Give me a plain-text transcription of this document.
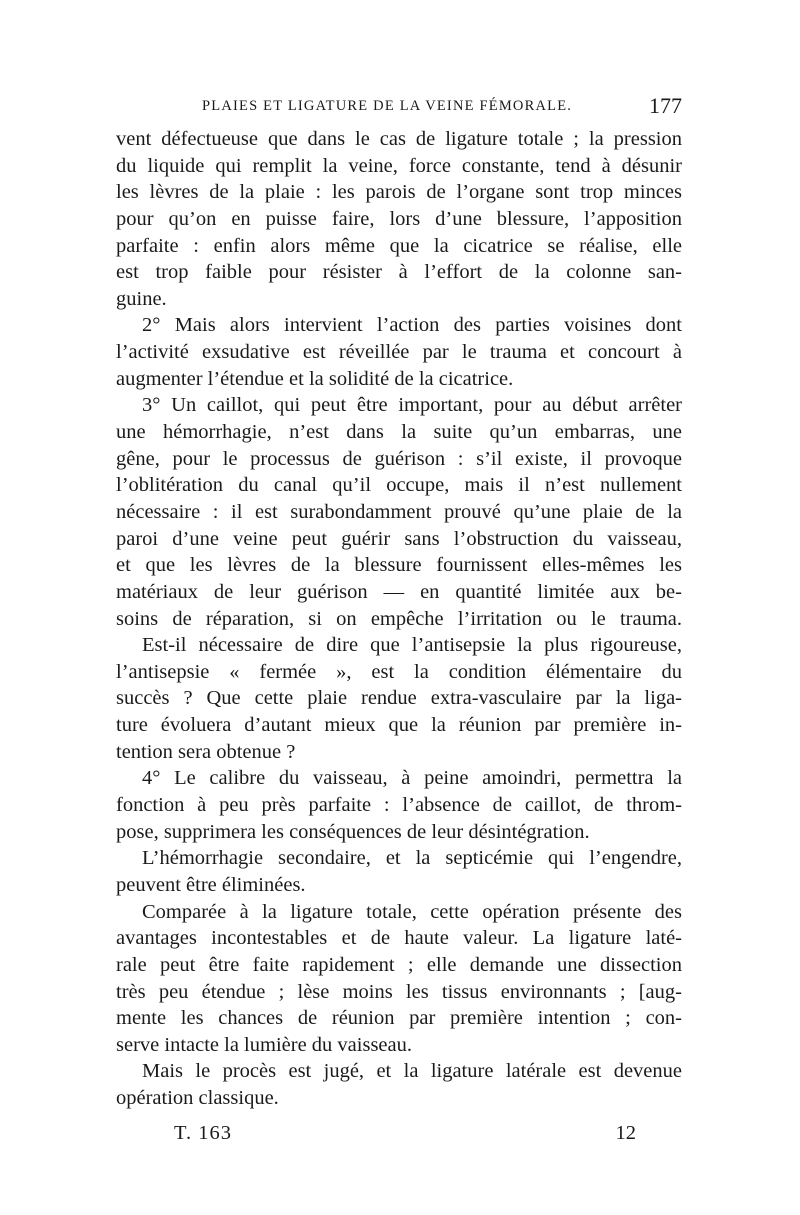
PLAIES ET LIGATURE DE LA VEINE FÉMORALE.	177
vent défectueuse que dans le cas de ligature totale ; la pression
du liquide qui remplit la veine, force constante, tend à désunir
les lèvres de la plaie : les parois de l’organe sont trop minces
pour qu’on en puisse faire, lors d’une blessure, l’apposition
parfaite : enfin alors même que la cicatrice se réalise, elle
est trop faible pour résister à l’effort de la colonne san-
guine.
2° Mais alors intervient l’action des parties voisines dont
l’activité exsudative est réveillée par le trauma et concourt à
augmenter l’étendue et la solidité de la cicatrice.
3° Un caillot, qui peut être important, pour au début arrêter
une hémorrhagie, n’est dans la suite qu’un embarras, une
gêne, pour le processus de guérison : s’il existe, il provoque
l’oblitération du canal qu’il occupe, mais il n’est nullement
nécessaire : il est surabondamment prouvé qu’une plaie de la
paroi d’une veine peut guérir sans l’obstruction du vaisseau,
et que les lèvres de la blessure fournissent elles-mêmes les
matériaux de leur guérison — en quantité limitée aux be-
soins de réparation, si on empêche l’irritation ou le trauma.
Est-il nécessaire de dire que l’antisepsie la plus rigoureuse,
l’antisepsie « fermée », est la condition élémentaire du
succès ? Que cette plaie rendue extra-vasculaire par la liga-
ture évoluera d’autant mieux que la réunion par première in-
tention sera obtenue ?
4° Le calibre du vaisseau, à peine amoindri, permettra la
fonction à peu près parfaite : l’absence de caillot, de throm-
pose, supprimera les conséquences de leur désintégration.
L’hémorrhagie secondaire, et la septicémie qui l’engendre,
peuvent être éliminées.
Comparée à la ligature totale, cette opération présente des
avantages incontestables et de haute valeur. La ligature laté-
rale peut être faite rapidement ; elle demande une dissection
très peu étendue ; lèse moins les tissus environnants ; [aug-
mente les chances de réunion par première intention ; con-
serve intacte la lumière du vaisseau.
Mais le procès est jugé, et la ligature latérale est devenue
opération classique.
T. 163	12
